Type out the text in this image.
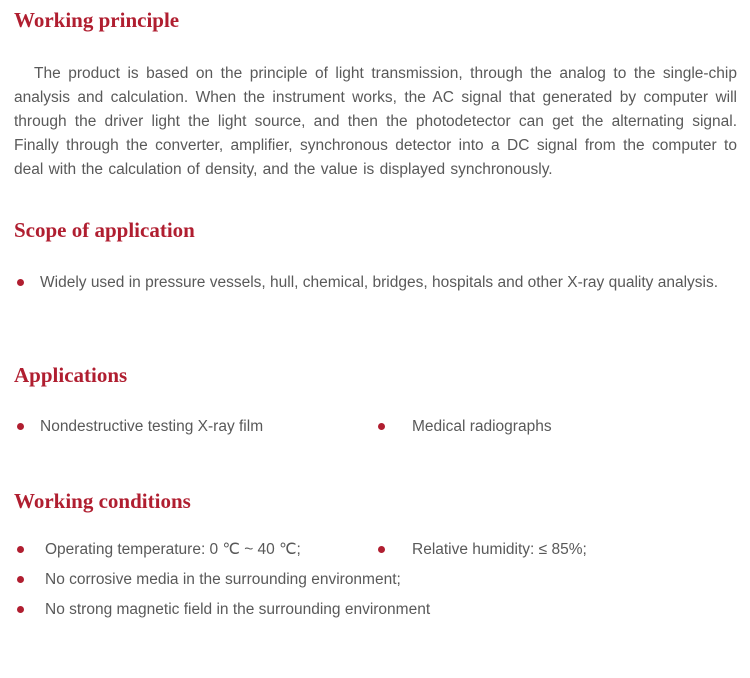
Working principle

The product is based on the principle of light transmission, through the analog to the single-chip analysis and calculation. When the instrument works, the AC signal that generated by computer will through the driver light the light source, and then the photodetector can get the alternating signal. Finally through the converter, amplifier, synchronous detector into a DC signal from the computer to deal with the calculation of density, and the value is displayed synchronously.

Scope of application
Widely used in pressure vessels, hull, chemical, bridges, hospitals and other X-ray quality analysis.
Applications
Nondestructive testing X-ray film	Medical radiographs
Working conditions
Operating temperature: 0 ℃ ~ 40 ℃;	Relative humidity: ≤ 85%;
No corrosive media in the surrounding environment;
No strong magnetic field in the surrounding environment
